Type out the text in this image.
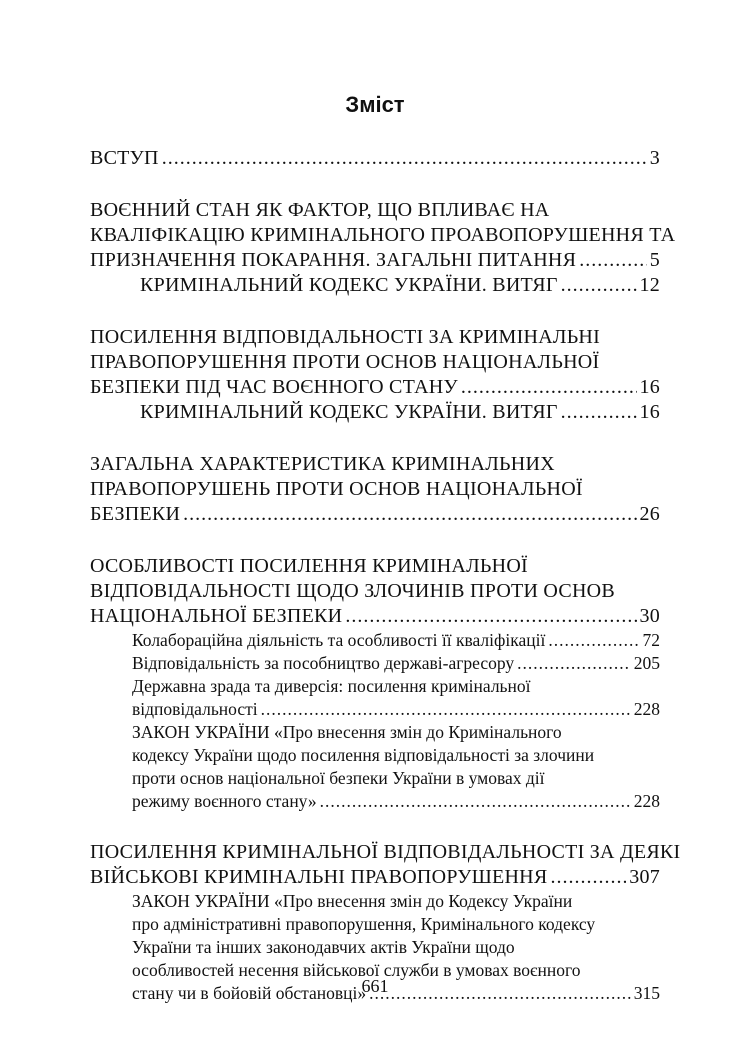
Зміст
ВСТУП .....	3
ВОЄННИЙ СТАН ЯК ФАКТОР, ЩО ВПЛИВАЄ НА
КВАЛІФІКАЦІЮ КРИМІНАЛЬНОГО ПРОАВОПОРУШЕННЯ ТА
ПРИЗНАЧЕННЯ ПОКАРАННЯ. ЗАГАЛЬНІ ПИТАННЯ .....	5
КРИМІНАЛЬНИЙ КОДЕКС УКРАЇНИ. ВИТЯГ .....	12
ПОСИЛЕННЯ ВІДПОВІДАЛЬНОСТІ ЗА КРИМІНАЛЬНІ
ПРАВОПОРУШЕННЯ ПРОТИ ОСНОВ НАЦІОНАЛЬНОЇ
БЕЗПЕКИ ПІД ЧАС ВОЄННОГО СТАНУ .....	16
КРИМІНАЛЬНИЙ КОДЕКС УКРАЇНИ. ВИТЯГ .....	16
ЗАГАЛЬНА ХАРАКТЕРИСТИКА КРИМІНАЛЬНИХ
ПРАВОПОРУШЕНЬ ПРОТИ ОСНОВ НАЦІОНАЛЬНОЇ
БЕЗПЕКИ .....	26
ОСОБЛИВОСТІ ПОСИЛЕННЯ КРИМІНАЛЬНОЇ
ВІДПОВІДАЛЬНОСТІ ЩОДО ЗЛОЧИНІВ ПРОТИ ОСНОВ
НАЦІОНАЛЬНОЇ БЕЗПЕКИ .....	30
Колабораційна діяльність та особливості її кваліфікації .....	72
Відповідальність за пособництво державі-агресору .....	205
Державна зрада та диверсія: посилення кримінальної
відповідальності .....	228
ЗАКОН УКРАЇНИ «Про внесення змін до Кримінального
кодексу України щодо посилення відповідальності за злочини
проти основ національної безпеки України в умовах дії
режиму воєнного стану» .....	228
ПОСИЛЕННЯ КРИМІНАЛЬНОЇ ВІДПОВІДАЛЬНОСТІ ЗА ДЕЯКІ
ВІЙСЬКОВІ КРИМІНАЛЬНІ ПРАВОПОРУШЕННЯ .....	307
ЗАКОН УКРАЇНИ «Про внесення змін до Кодексу України
про адміністративні правопорушення, Кримінального кодексу
України та інших законодавчих актів України щодо
особливостей несення військової служби в умовах воєнного
стану чи в бойовій обстановці» .....	315
661
